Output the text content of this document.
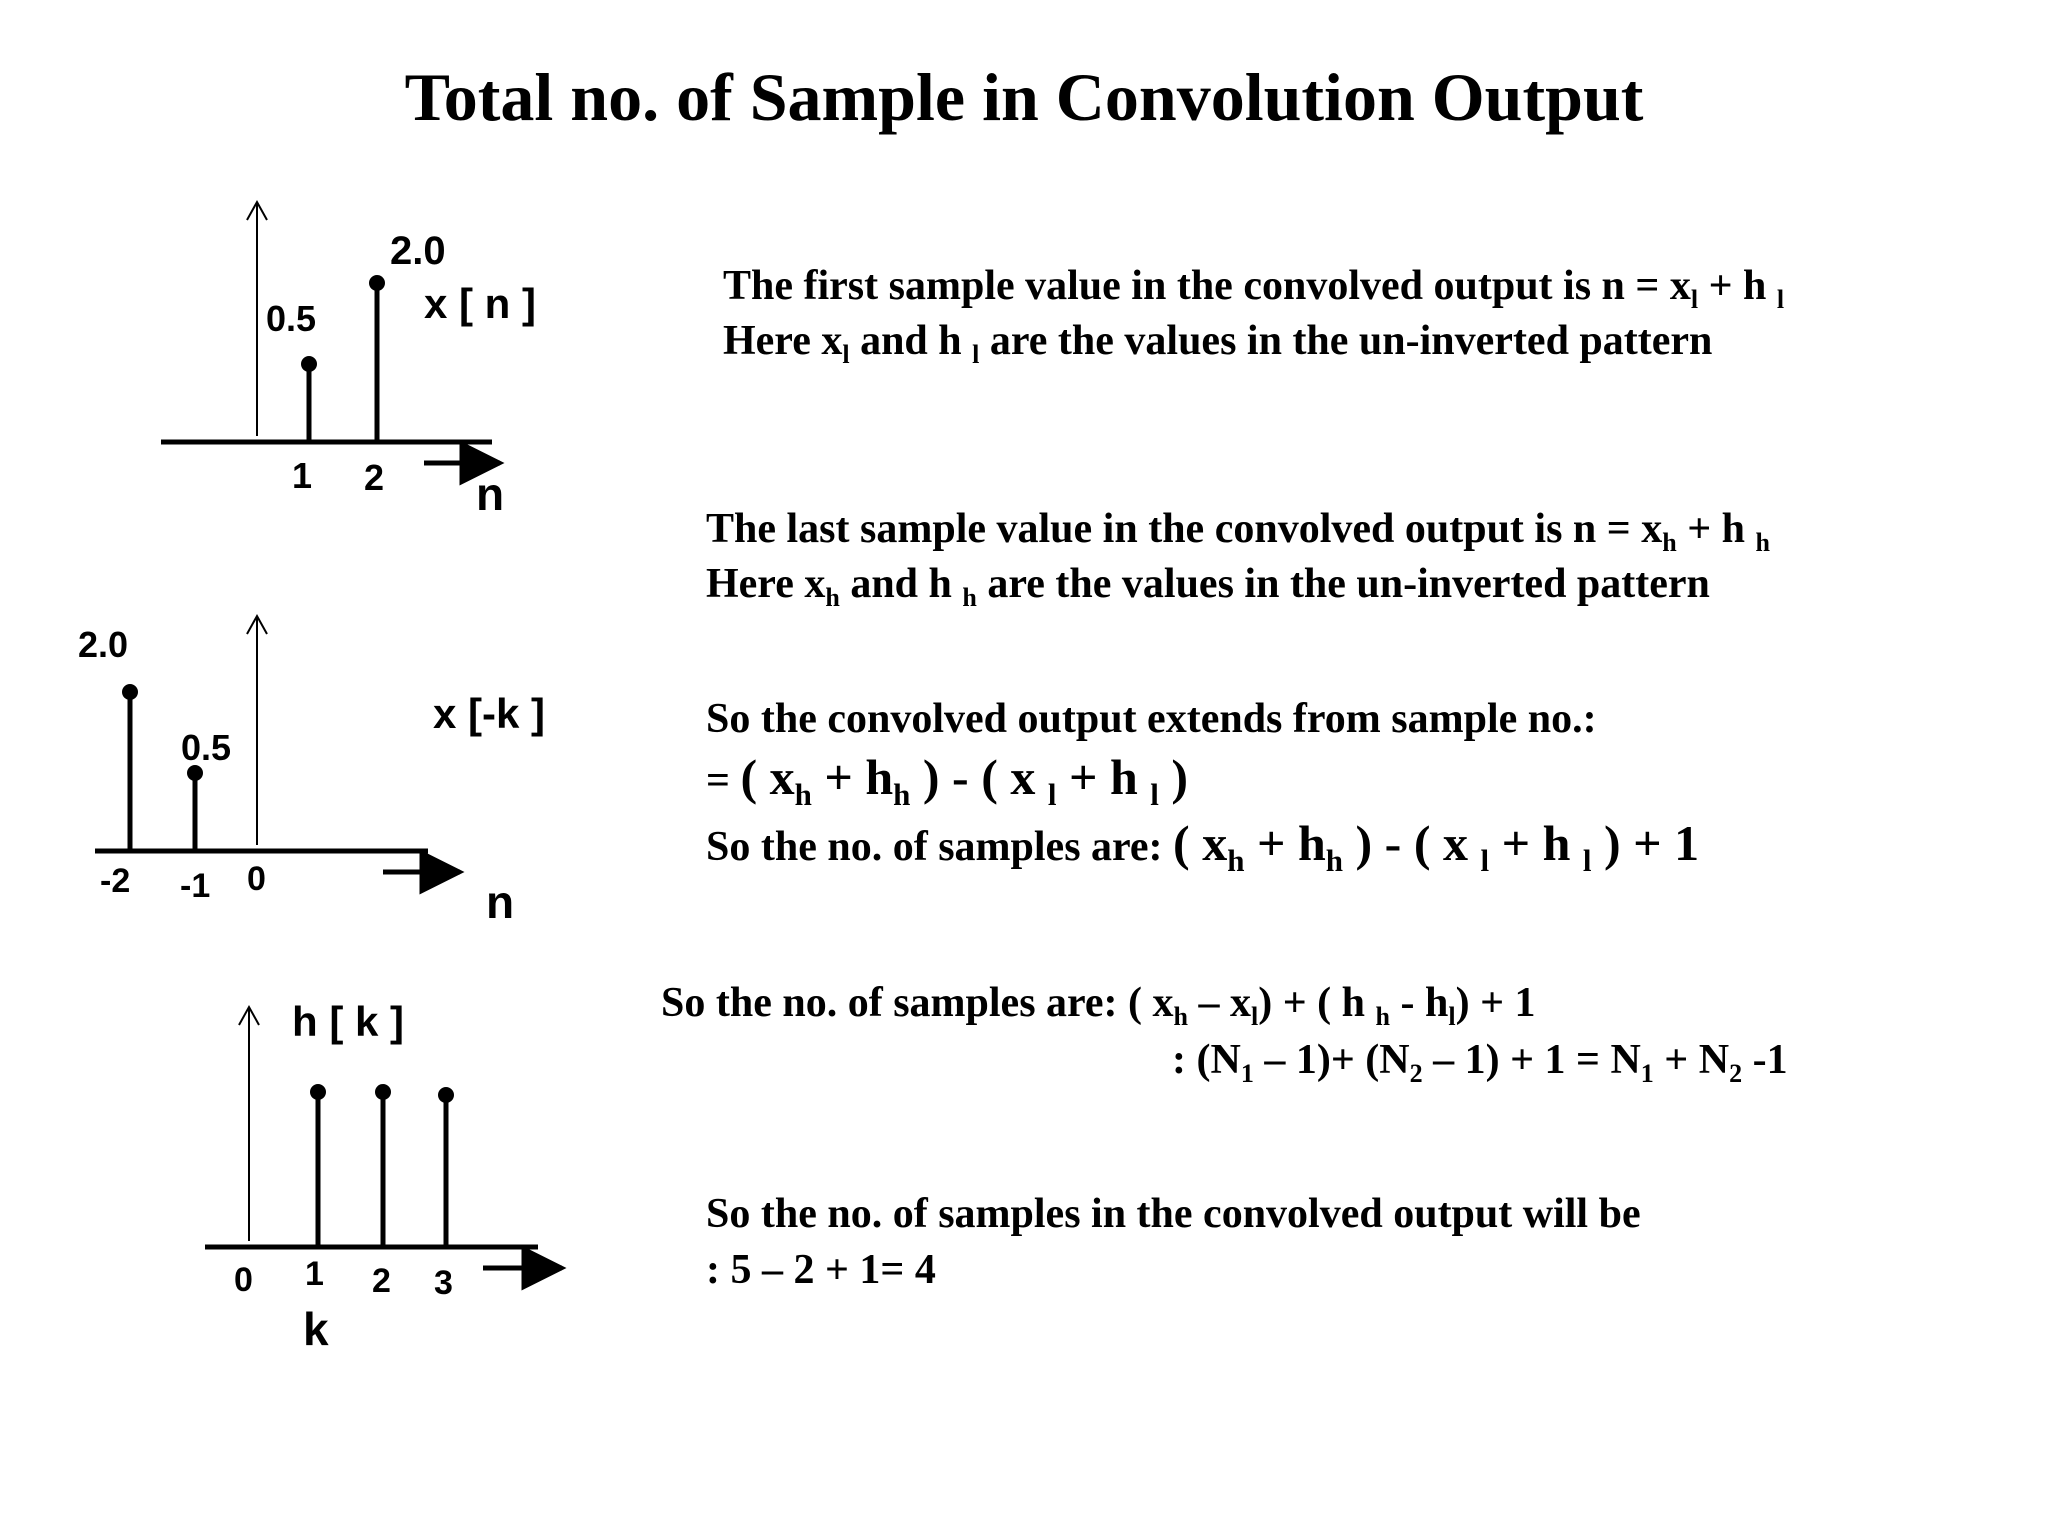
Total no. of Sample in Convolution Output
0.5
2.0
x [ n ]
1 2 n
2.0
0.5
x [-k ]
-2 -1 0	n
h [ k ]
0 1 2 3
k
The first sample value in the convolved output is $n = x_l + h$ $_l$
Here $x_l$ and h $_l$ are the values in the un-inverted pattern
The last sample value in the convolved output is $n = x_h + h$ $_h$
Here $x_h$ and h $_h$ are the values in the un-inverted pattern
So the convolved output extends from sample no.:
= ( $x_h + h_h$ ) - ( x $_l$ + h $_l$ )
So the no. of samples are: ( $x_h + h_h$ ) - ( x $_l$ + h $_l$ ) + 1
So the no. of samples are: ( $x_h - x_l$) + ( h $_h - h_l) + 1$
: $(N_1 - 1)+ (N_2 - 1) + 1 = N_1 + N_2$ -1
So the no. of samples in the convolved output will be
: 5 – 2 + 1= 4
